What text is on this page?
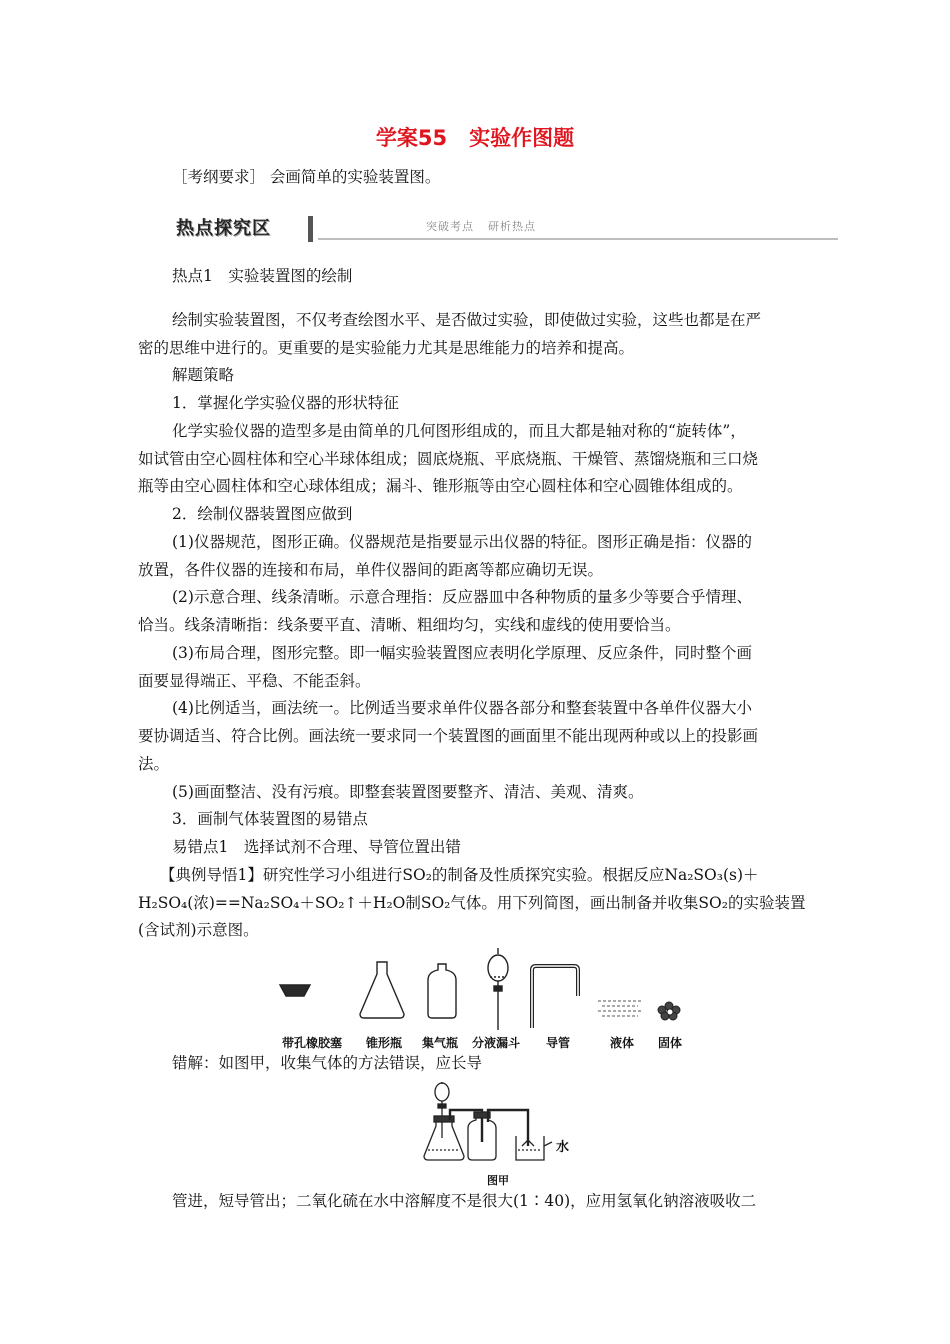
学案55 实验作图题
［考纲要求］ 会画简单的实验装置图。
热点探究区	突破考点 研析热点
热点1　实验装置图的绘制
绘制实验装置图，不仅考查绘图水平、是否做过实验，即使做过实验，这些也都是在严
密的思维中进行的。更重要的是实验能力尤其是思维能力的培养和提高。
解题策略
1．掌握化学实验仪器的形状特征
化学实验仪器的造型多是由简单的几何图形组成的，而且大都是轴对称的“旋转体”，
如试管由空心圆柱体和空心半球体组成；圆底烧瓶、平底烧瓶、干燥管、蒸馏烧瓶和三口烧
瓶等由空心圆柱体和空心球体组成；漏斗、锥形瓶等由空心圆柱体和空心圆锥体组成的。
2．绘制仪器装置图应做到
(1)仪器规范，图形正确。仪器规范是指要显示出仪器的特征。图形正确是指：仪器的
放置，各件仪器的连接和布局，单件仪器间的距离等都应确切无误。
(2)示意合理、线条清晰。示意合理指：反应器皿中各种物质的量多少等要合乎情理、
恰当。线条清晰指：线条要平直、清晰、粗细均匀，实线和虚线的使用要恰当。
(3)布局合理，图形完整。即一幅实验装置图应表明化学原理、反应条件，同时整个画
面要显得端正、平稳、不能歪斜。
(4)比例适当，画法统一。比例适当要求单件仪器各部分和整套装置中各单件仪器大小
要协调适当、符合比例。画法统一要求同一个装置图的画面里不能出现两种或以上的投影画
法。
(5)画面整洁、没有污痕。即整套装置图要整齐、清洁、美观、清爽。
3．画制气体装置图的易错点
易错点1　选择试剂不合理、导管位置出错
【典例导悟1】研究性学习小组进行SO₂的制备及性质探究实验。根据反应Na₂SO₃(s)＋
H₂SO₄(浓)==Na₂SO₄＋SO₂↑＋H₂O制SO₂气体。用下列简图，画出制备并收集SO₂的实验装置
(含试剂)示意图。
带孔橡胶塞 锥形瓶 集气瓶 分液漏斗 导管	液体 固体
错解：如图甲，收集气体的方法错误，应长导
水
图甲
管进，短导管出；二氧化硫在水中溶解度不是很大(1∶40)，应用氢氧化钠溶液吸收二
